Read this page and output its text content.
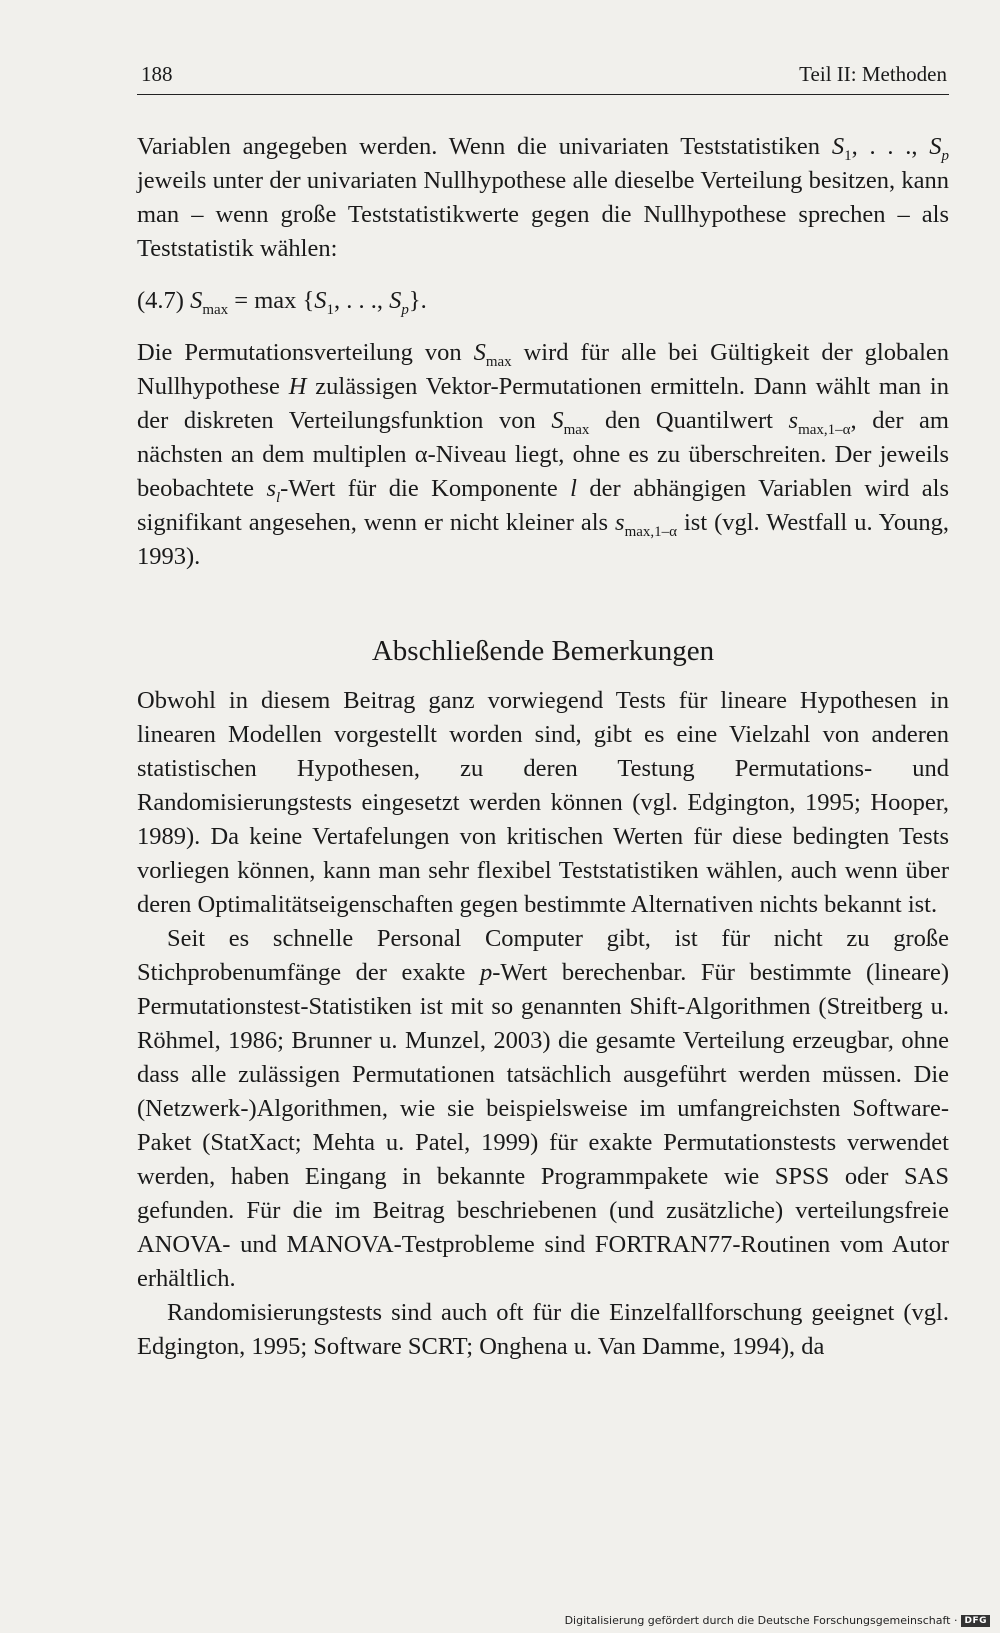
188	Teil II: Methoden

Variablen angegeben werden. Wenn die univariaten Teststatistiken $S_1$, . . ., $S_p$ jeweils unter der univariaten Nullhypothese alle dieselbe Verteilung besitzen, kann man – wenn große Teststatistikwerte gegen die Nullhypothese sprechen – als Teststatistik wählen:

(4.7) $S_{max} = \max \{S_1$, . . ., $S_p$}.

Die Permutationsverteilung von $S_{max}$ wird für alle bei Gültigkeit der globalen Nullhypothese H zulässigen Vektor-Permutationen ermitteln. Dann wählt man in der diskreten Verteilungsfunktion von $S_{max}$ den Quantilwert $s_{max,1-\alpha}$, der am nächsten an dem multiplen α-Niveau liegt, ohne es zu überschreiten. Der jeweils beobachtete $s_l$-Wert für die Komponente l der abhängigen Variablen wird als signifikant angesehen, wenn er nicht kleiner als $s_{max,1-\alpha}$ ist (vgl. Westfall u. Young, 1993).

Abschließende Bemerkungen

Obwohl in diesem Beitrag ganz vorwiegend Tests für lineare Hypothesen in linearen Modellen vorgestellt worden sind, gibt es eine Vielzahl von anderen statistischen Hypothesen, zu deren Testung Permutations- und Randomisierungstests eingesetzt werden können (vgl. Edgington, 1995; Hooper, 1989). Da keine Vertafelungen von kritischen Werten für diese bedingten Tests vorliegen können, kann man sehr flexibel Teststatistiken wählen, auch wenn über deren Optimalitätseigenschaften gegen bestimmte Alternativen nichts bekannt ist.

Seit es schnelle Personal Computer gibt, ist für nicht zu große Stichprobenumfänge der exakte p-Wert berechenbar. Für bestimmte (lineare) Permutationstest-Statistiken ist mit so genannten Shift-Algorithmen (Streitberg u. Röhmel, 1986; Brunner u. Munzel, 2003) die gesamte Verteilung erzeugbar, ohne dass alle zulässigen Permutationen tatsächlich ausgeführt werden müssen. Die (Netzwerk-)Algorithmen, wie sie beispielsweise im umfangreichsten Software-Paket (StatXact; Mehta u. Patel, 1999) für exakte Permutationstests verwendet werden, haben Eingang in bekannte Programmpakete wie SPSS oder SAS gefunden. Für die im Beitrag beschriebenen (und zusätzliche) verteilungsfreie ANOVA- und MANOVA-Testprobleme sind FORTRAN77-Routinen vom Autor erhältlich.

Randomisierungstests sind auch oft für die Einzelfallforschung geeignet (vgl. Edgington, 1995; Software SCRT; Onghena u. Van Damme, 1994), da

Digitalisierung gefördert durch die Deutsche Forschungsgemeinschaft · DFG
